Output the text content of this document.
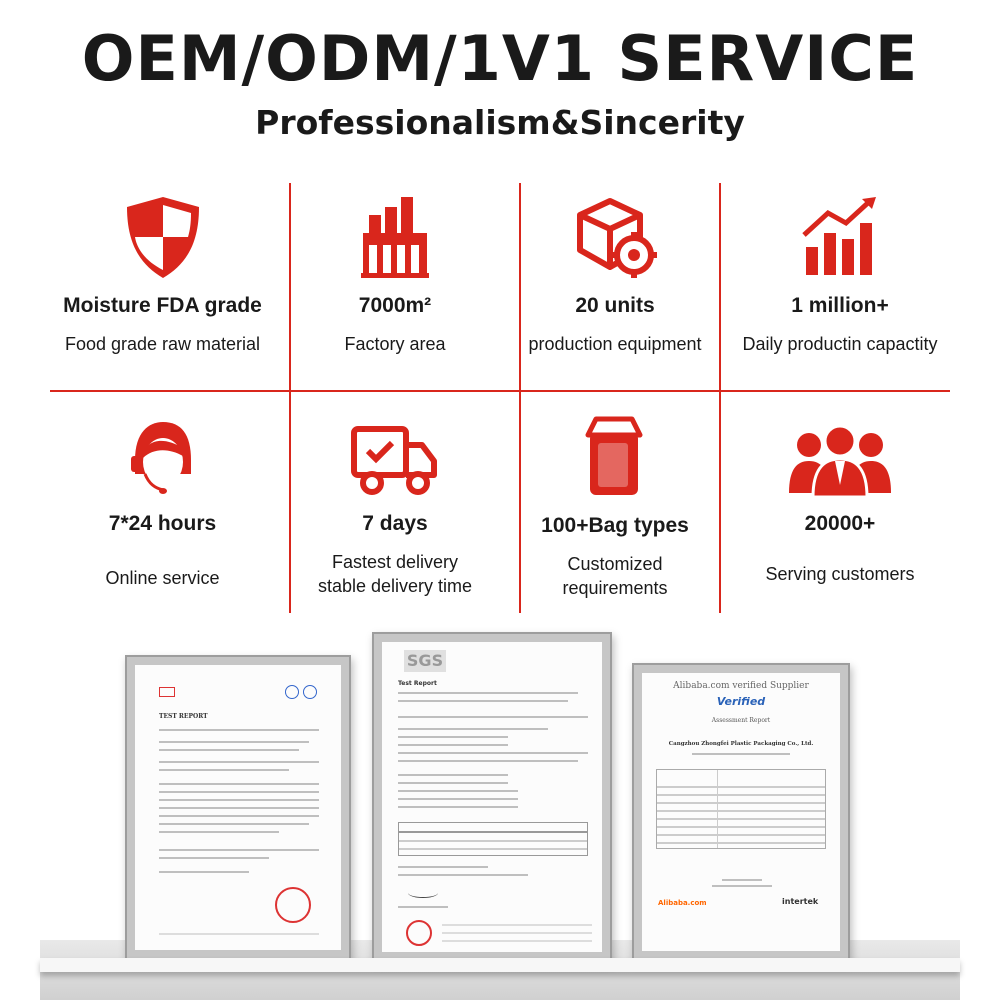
OEM/ODM/1V1 SERVICE
Professionalism&Sincerity
Moisture FDA grade
Food grade raw material
7000m²
Factory area
20 units
production equipment
1 million+
Daily productin capactity
7*24 hours
Online service
7 days
Fastest delivery
stable delivery time
100+Bag types
Customized
requirements
20000+
Serving customers
TEST REPORT
SGS
Test Report	Alibaba.com verified Supplier
Verified
Assessment Report
Cangzhou Zhongfei Plastic Packaging Co., Ltd.
Alibaba.com	intertek
